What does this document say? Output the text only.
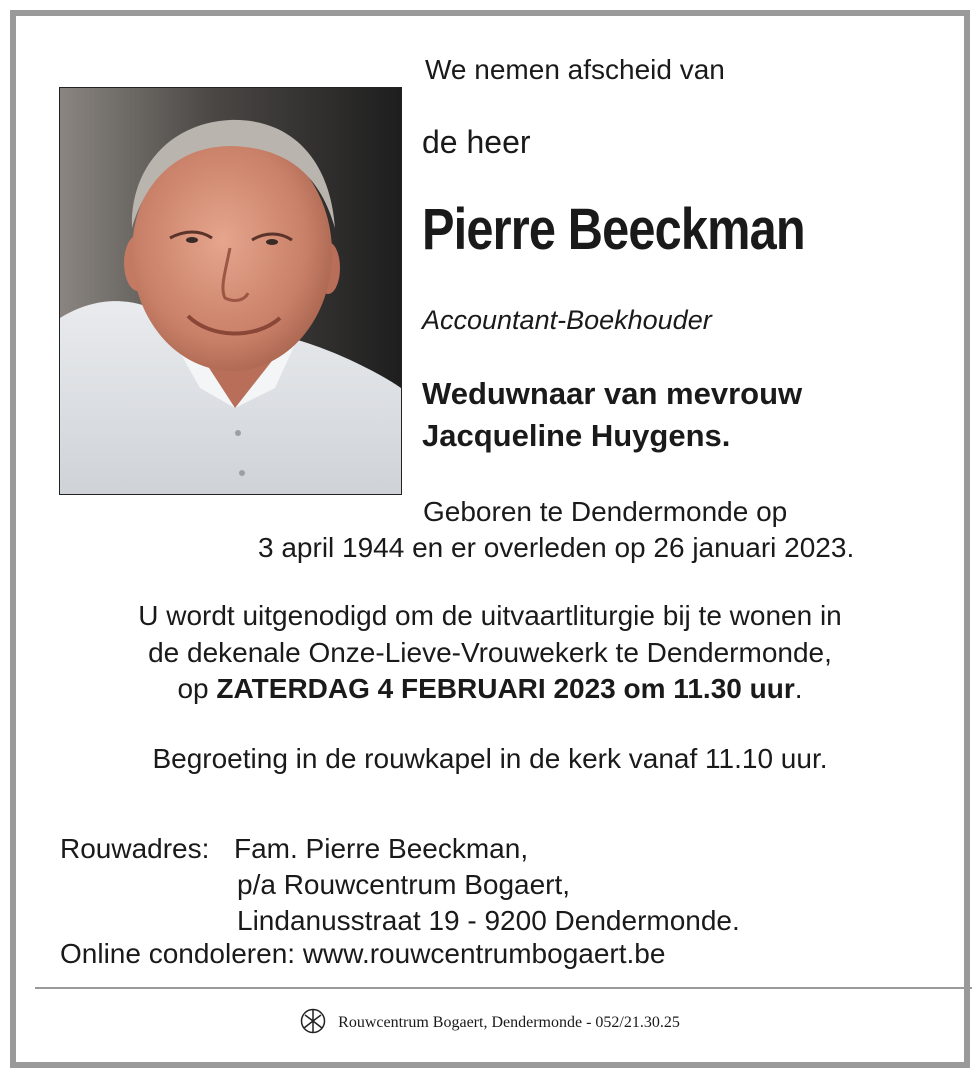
We nemen afscheid van
de heer
Pierre Beeckman
Accountant-Boekhouder
Weduwnaar van mevrouw
Jacqueline Huygens.
Geboren te Dendermonde op
3 april 1944 en er overleden op 26 januari 2023.
U wordt uitgenodigd om de uitvaartliturgie bij te wonen in
de dekenale Onze-Lieve-Vrouwekerk te Dendermonde,
op ZATERDAG 4 FEBRUARI 2023 om 11.30 uur.
Begroeting in de rouwkapel in de kerk vanaf 11.10 uur.
Rouwadres: Fam. Pierre Beeckman,
p/a Rouwcentrum Bogaert,
Lindanusstraat 19 - 9200 Dendermonde.
Online condoleren: www.rouwcentrumbogaert.be
Rouwcentrum Bogaert, Dendermonde - 052/21.30.25
